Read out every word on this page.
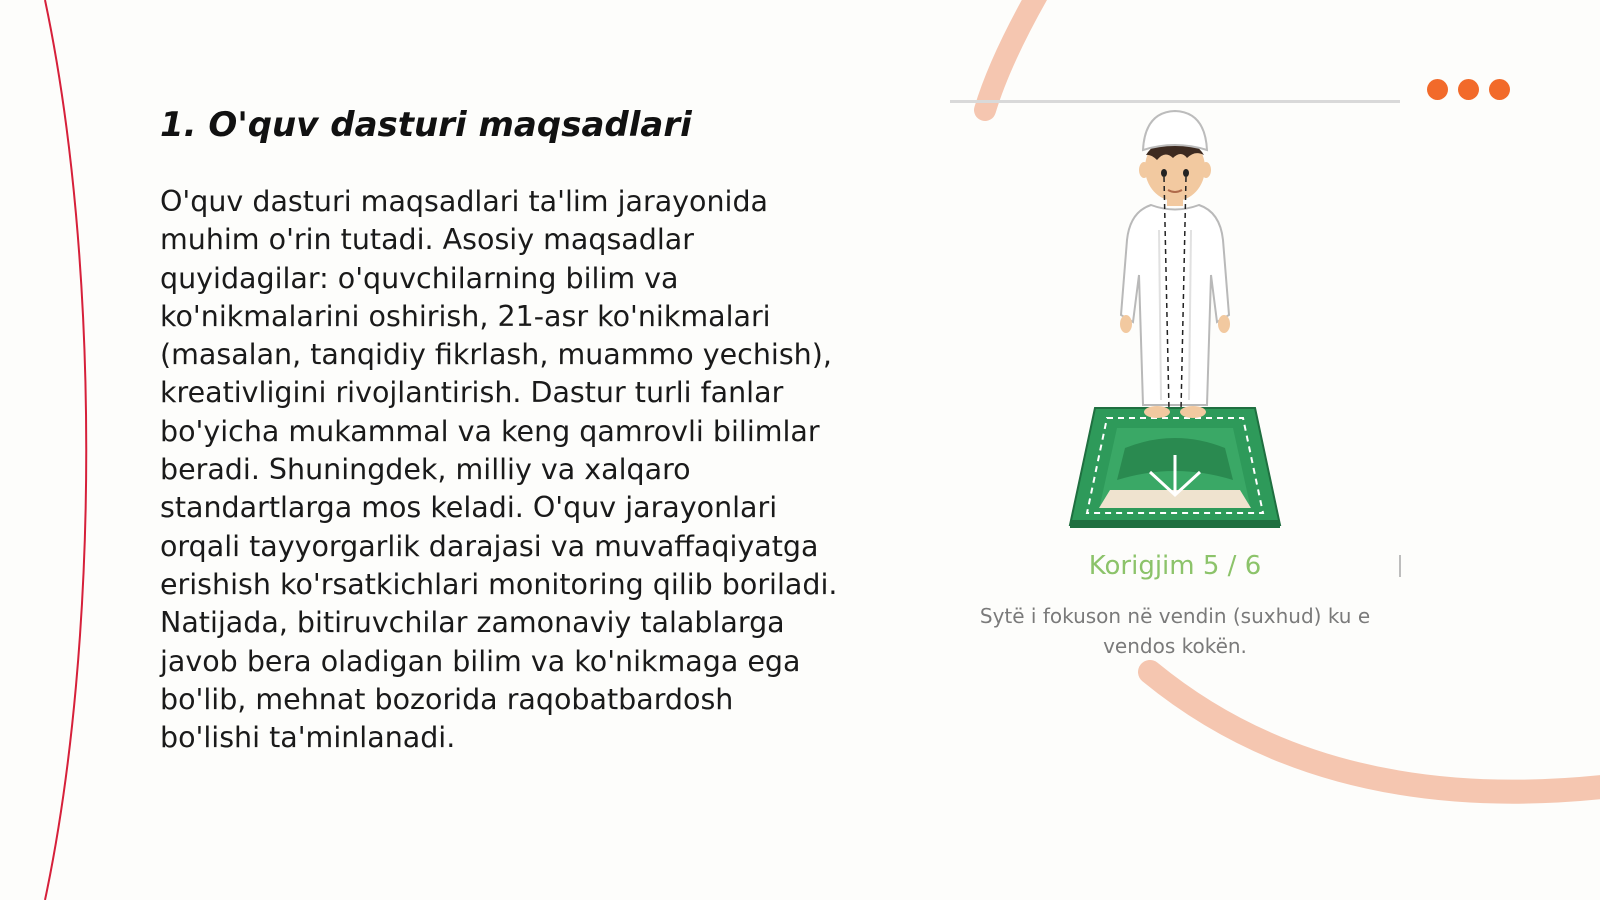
1. O'quv dasturi maqsadlari

O'quv dasturi maqsadlari ta'lim jarayonida muhim o'rin tutadi. Asosiy maqsadlar quyidagilar: o'quvchilarning bilim va ko'nikmalarini oshirish, 21-asr ko'nikmalari (masalan, tanqidiy fikrlash, muammo yechish), kreativligini rivojlantirish. Dastur turli fanlar bo'yicha mukammal va keng qamrovli bilimlar beradi. Shuningdek, milliy va xalqaro standartlarga mos keladi. O'quv jarayonlari orqali tayyorgarlik darajasi va muvaffaqiyatga erishish ko'rsatkichlari monitoring qilib boriladi. Natijada, bitiruvchilar zamonaviy talablarga javob bera oladigan bilim va ko'nikmaga ega bo'lib, mehnat bozorida raqobatbardosh bo'lishi ta'minlanadi.

Korigjim 5 / 6
Sytë i fokuson në vendin (suxhud) ku e
vendos kokën.
